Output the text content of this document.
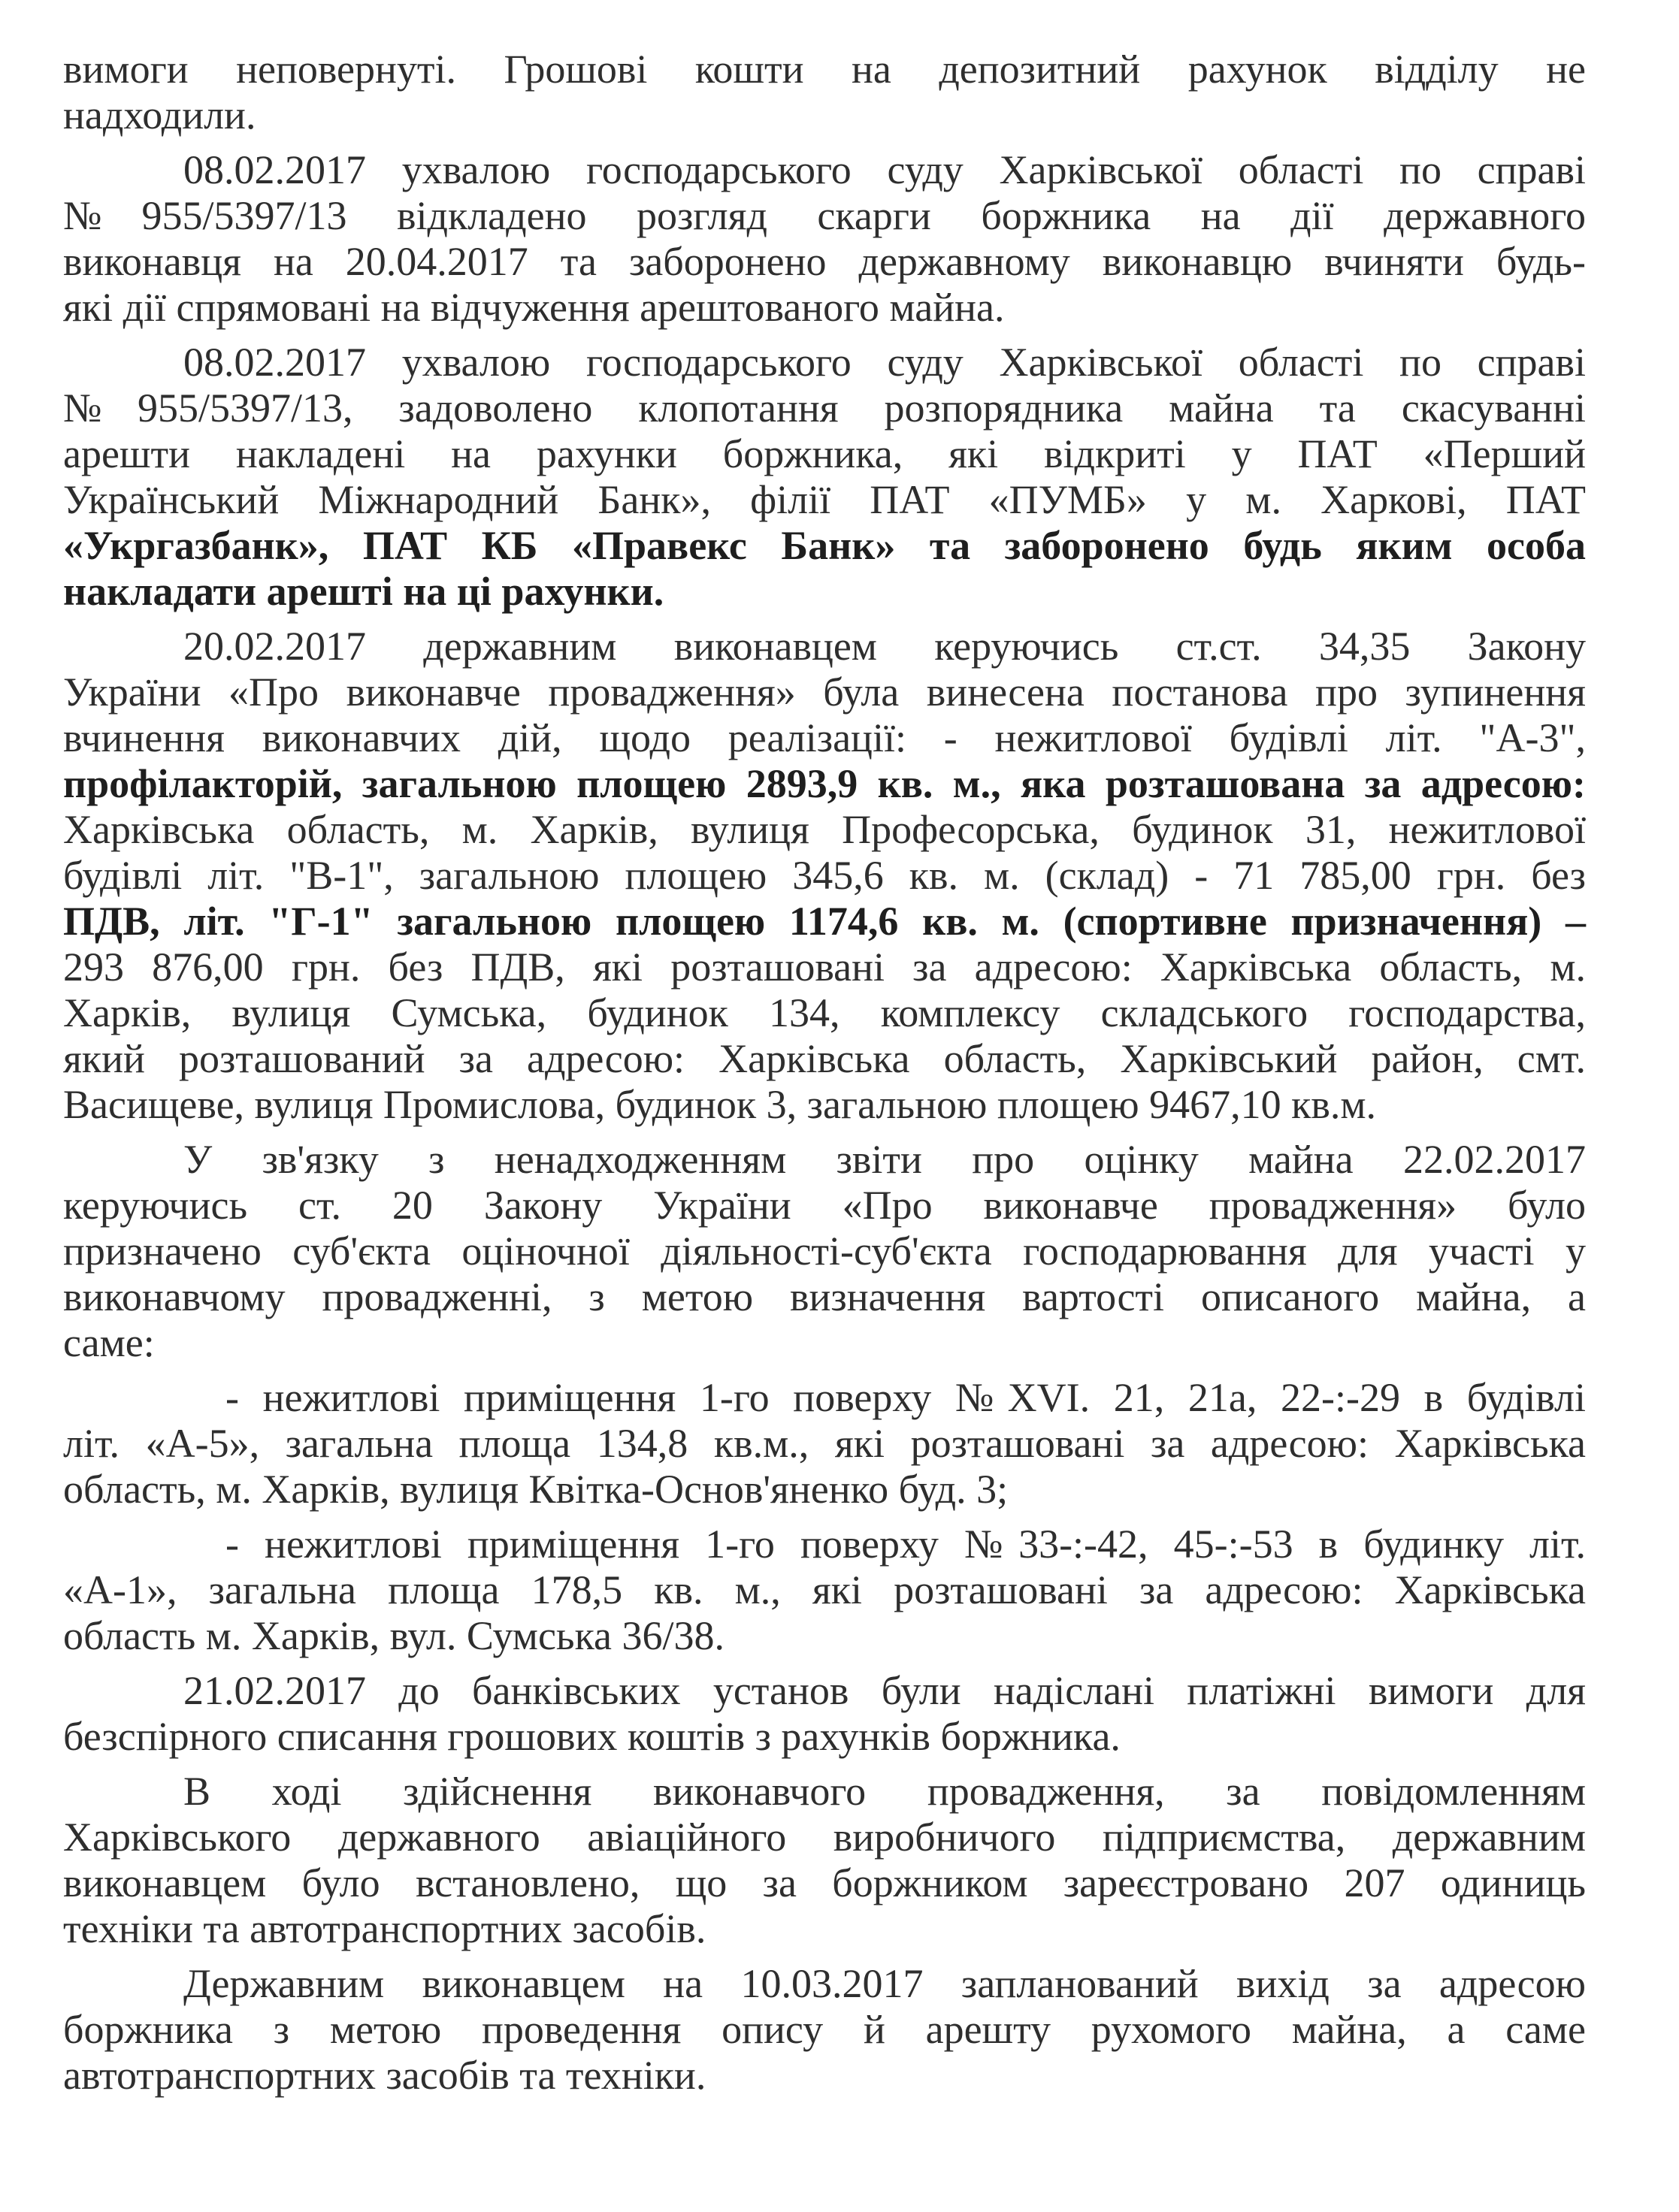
вимоги неповернуті. Грошові кошти на депозитний рахунок відділу не
надходили.
08.02.2017 ухвалою господарського суду Харківської області по справі
№955/5397/13 відкладено розгляд скарги боржника на дії державного
виконавця на 20.04.2017 та заборонено державному виконавцю вчиняти будь-
які дії спрямовані на відчуження арештованого майна.
08.02.2017 ухвалою господарського суду Харківської області по справі
№955/5397/13, задоволено клопотання розпорядника майна та скасуванні
арешти накладені на рахунки боржника, які відкриті у ПАТ «Перший
Український Міжнародний Банк», філії ПАТ «ПУМБ» у м. Харкові, ПАТ
«Укргазбанк», ПАТ КБ «Правекс Банк» та заборонено будь яким особа
накладати арешті на ці рахунки.
20.02.2017 державним виконавцем керуючись ст.ст. 34,35 Закону
України «Про виконавче провадження» була винесена постанова про зупинення
вчинення виконавчих дій, щодо реалізації: - нежитлової будівлі літ. "А-3",
профілакторій, загальною площею 2893,9 кв. м., яка розташована за адресою:
Харківська область, м. Харків, вулиця Професорська, будинок 31, нежитлової
будівлі літ. "В-1", загальною площею 345,6 кв. м. (склад) - 71 785,00 грн. без
ПДВ, літ. "Г-1" загальною площею 1174,6 кв. м. (спортивне призначення) –
293 876,00 грн. без ПДВ, які розташовані за адресою: Харківська область, м.
Харків, вулиця Сумська, будинок 134, комплексу складського господарства,
який розташований за адресою: Харківська область, Харківський район, смт.
Васищеве, вулиця Промислова, будинок 3, загальною площею 9467,10 кв.м.
У зв'язку з ненадходженням звіти про оцінку майна 22.02.2017
керуючись ст. 20 Закону України «Про виконавче провадження» було
призначено суб'єкта оціночної діяльності-суб'єкта господарювання для участі у
виконавчому провадженні, з метою визначення вартості описаного майна, а
саме:
- нежитлові приміщення 1-го поверху №XVI. 21, 21а, 22-:-29 в будівлі
літ. «А-5», загальна площа 134,8 кв.м., які розташовані за адресою: Харківська
область, м. Харків, вулиця Квітка-Основ'яненко буд. 3;
- нежитлові приміщення 1-го поверху №33-:-42, 45-:-53 в будинку літ.
«А-1», загальна площа 178,5 кв. м., які розташовані за адресою: Харківська
область м. Харків, вул. Сумська 36/38.
21.02.2017 до банківських установ були надіслані платіжні вимоги для
безспірного списання грошових коштів з рахунків боржника.
В ході здійснення виконавчого провадження, за повідомленням
Харківського державного авіаційного виробничого підприємства, державним
виконавцем було встановлено, що за боржником зареєстровано 207 одиниць
техніки та автотранспортних засобів.
Державним виконавцем на 10.03.2017 запланований вихід за адресою
боржника з метою проведення опису й арешту рухомого майна, а саме
автотранспортних засобів та техніки.
